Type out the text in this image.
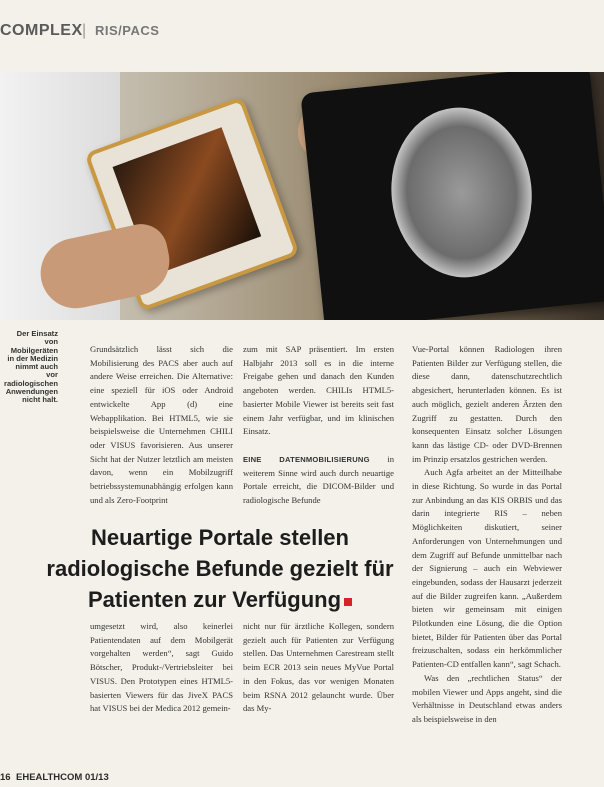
COMPLEX | RIS/PACS
Der Einsatz von Mobilgeräten in der Medizin nimmt auch vor radiologischen Anwendungen nicht halt.

Grundsätzlich lässt sich die Mobilisierung des PACS aber auch auf andere Weise erreichen. Die Alternative: eine speziell für iOS oder Android entwickelte App (d) eine Webapplikation. Bei HTML5, wie sie beispielsweise die Unternehmen CHILI oder VISUS favorisieren. Aus unserer Sicht hat der Nutzer letztlich am meisten davon, wenn ein Mobilzugriff betriebssystemunabhängig erfolgen kann und als Zero-Footprint

zum mit SAP präsentiert. Im ersten Halbjahr 2013 soll es in die interne Freigabe gehen und danach den Kunden angeboten werden. CHILIs HTML5-basierter Mobile Viewer ist bereits seit fast einem Jahr verfügbar, und im klinischen Einsatz.

EINE DATENMOBILISIERUNG in weiterem Sinne wird auch durch neuartige Portale erreicht, die DICOM-Bilder und radiologische Befunde

Vue-Portal können Radiologen ihren Patienten Bilder zur Verfügung stellen, die diese dann, datenschutzrechtlich abgesichert, herunterladen können. Es ist auch möglich, gezielt anderen Ärzten den Zugriff zu gestatten. Durch den konsequenten Einsatz solcher Lösungen kann das lästige CD- oder DVD-Brennen im Prinzip ersatzlos gestrichen werden.

Auch Agfa arbeitet an der Mitteilhabe in diese Richtung. So wurde in das Portal zur Anbindung an das KIS ORBIS und das darin integrierte RIS – neben Möglichkeiten diskutiert, seiner Anforderungen von Unternehmungen und dem Zugriff auf Befunde unmittelbar nach der Signierung – auch ein Webviewer eingebunden, sodass der Hausarzt jederzeit auf die Bilder zugreifen kann. „Außerdem bieten wir gemeinsam mit einigen Pilotkunden eine Lösung, die die Option bietet, Bilder für Patienten über das Portal freizuschalten, sodass ein herkömmlicher Patienten-CD entfallen kann“, sagt Schach.

Was den „rechtlichen Status“ der mobilen Viewer und Apps angeht, sind die Verhältnisse in Deutschland etwas anders als beispielsweise in den

Neuartige Portale stellen radiologische Befunde gezielt für Patienten zur Verfügung

umgesetzt wird, also keinerlei Patientendaten auf dem Mobilgerät vorgehalten werden“, sagt Guido Bötscher, Produkt-/Vertriebsleiter bei VISUS. Den Prototypen eines HTML5-basierten Viewers für das JiveX PACS hat VISUS bei der Medica 2012 gemein-

nicht nur für ärztliche Kollegen, sondern gezielt auch für Patienten zur Verfügung stellen. Das Unternehmen Carestream stellt beim ECR 2013 sein neues MyVue Portal in den Fokus, das vor wenigen Monaten beim RSNA 2012 gelauncht wurde. Über das My-

16 EHEALTHCOM 01/13
